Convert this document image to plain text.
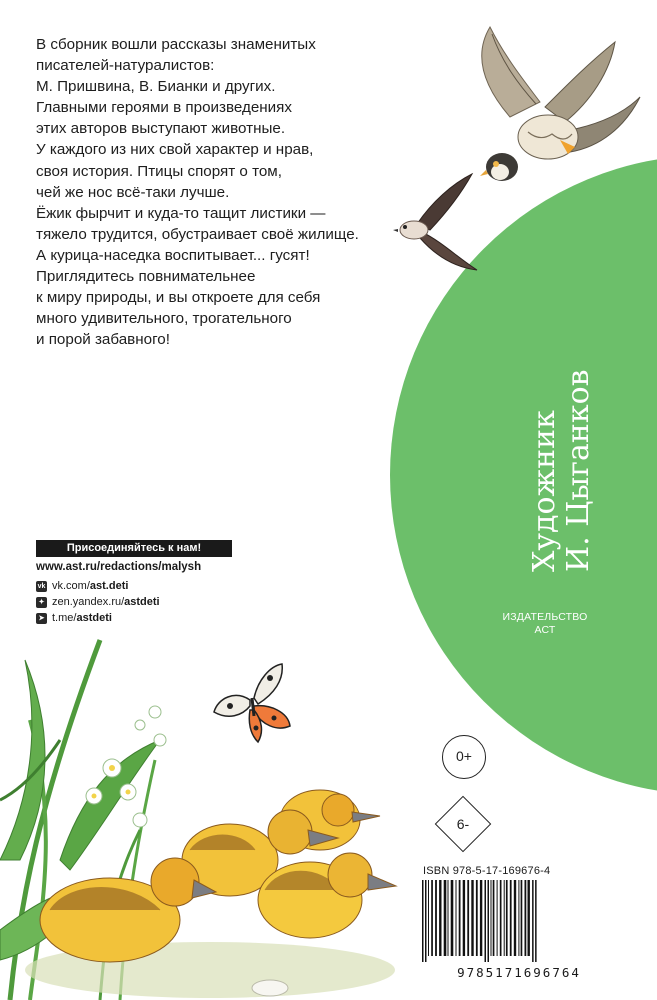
В сборник вошли рассказы знаменитых
писателей-натуралистов:
М. Пришвина, В. Бианки и других.
Главными героями в произведениях
этих авторов выступают животные.
У каждого из них свой характер и нрав,
своя история. Птицы спорят о том,
чей же нос всё-таки лучше.
Ёжик фырчит и куда-то тащит листики —
тяжело трудится, обустраивает своё жилище.
А курица-наседка воспитывает... гусят!
Приглядитесь повнимательнее
к миру природы, и вы откроете для себя
много удивительного, трогательного
и порой забавного!
Художник И. Цыганков
ИЗДАТЕЛЬСТВО
АСТ
Присоединяйтесь к нам!
www.ast.ru/redactions/malysh
vk vk.com/ast.deti
✦ zen.yandex.ru/astdeti
➤ t.me/astdeti
0+
6-
ISBN 978-5-17-169676-4
9785171696764
